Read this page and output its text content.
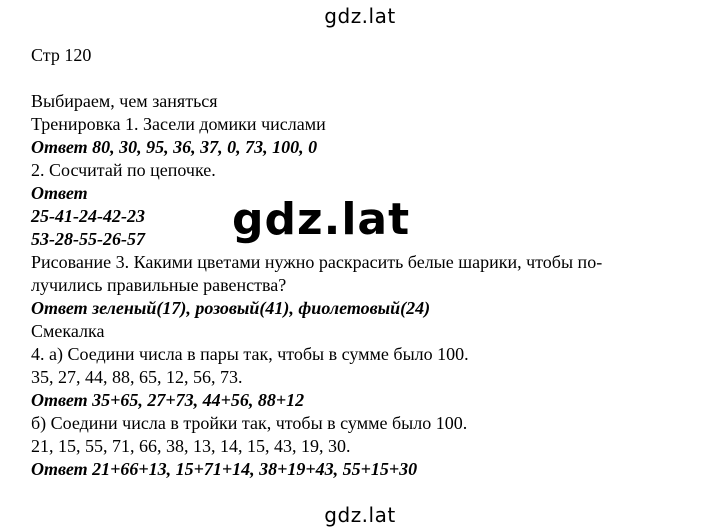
gdz.lat
Стр 120
Выбираем, чем заняться
Тренировка 1. Засели домики числами
Ответ 80, 30, 95, 36, 37, 0, 73, 100, 0
2. Сосчитай по цепочке.
Ответ
25-41-24-42-23
53-28-55-26-57
Рисование 3. Какими цветами нужно раскрасить белые шарики, чтобы по-
лучились правильные равенства?
Ответ зеленый(17), розовый(41), фиолетовый(24)
Смекалка
4. а) Соедини числа в пары так, чтобы в сумме было 100.
35, 27, 44, 88, 65, 12, 56, 73.
Ответ 35+65, 27+73, 44+56, 88+12
б) Соедини числа в тройки так, чтобы в сумме было 100.
21, 15, 55, 71, 66, 38, 13, 14, 15, 43, 19, 30.
Ответ 21+66+13, 15+71+14, 38+19+43, 55+15+30
gdz.lat
gdz.lat
